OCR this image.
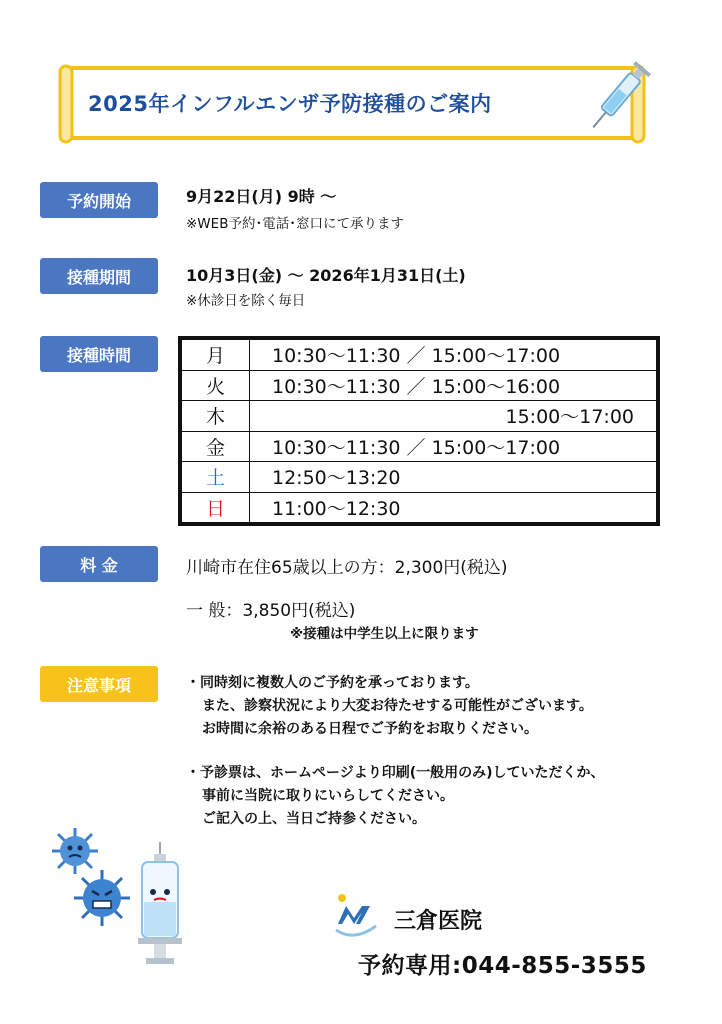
2025年インフルエンザ予防接種のご案内
予約開始	9月22日(月) 9時 ～
※WEB予約･電話･窓口にて承ります
接種期間	10月3日(金) ～ 2026年1月31日(土)
※休診日を除く毎日
接種時間	月	10:30～11:30 ／ 15:00～17:00
火	10:30～11:30 ／ 15:00～16:00
木	15:00～17:00
金	10:30～11:30 ／ 15:00～17:00
土	12:50～13:20
日	11:00～12:30
料 金	川崎市在住65歳以上の方：2,300円(税込)
一 般：3,850円(税込)
※接種は中学生以上に限ります
注意事項	・同時刻に複数人のご予約を承っております。
また、診察状況により大変お待たせする可能性がございます。
お時間に余裕のある日程でご予約をお取りください。
・予診票は、ホームページより印刷(一般用のみ)していただくか、
事前に当院に取りにいらしてください。
ご記入の上、当日ご持参ください。
三倉医院
予約専用:044-855-3555
